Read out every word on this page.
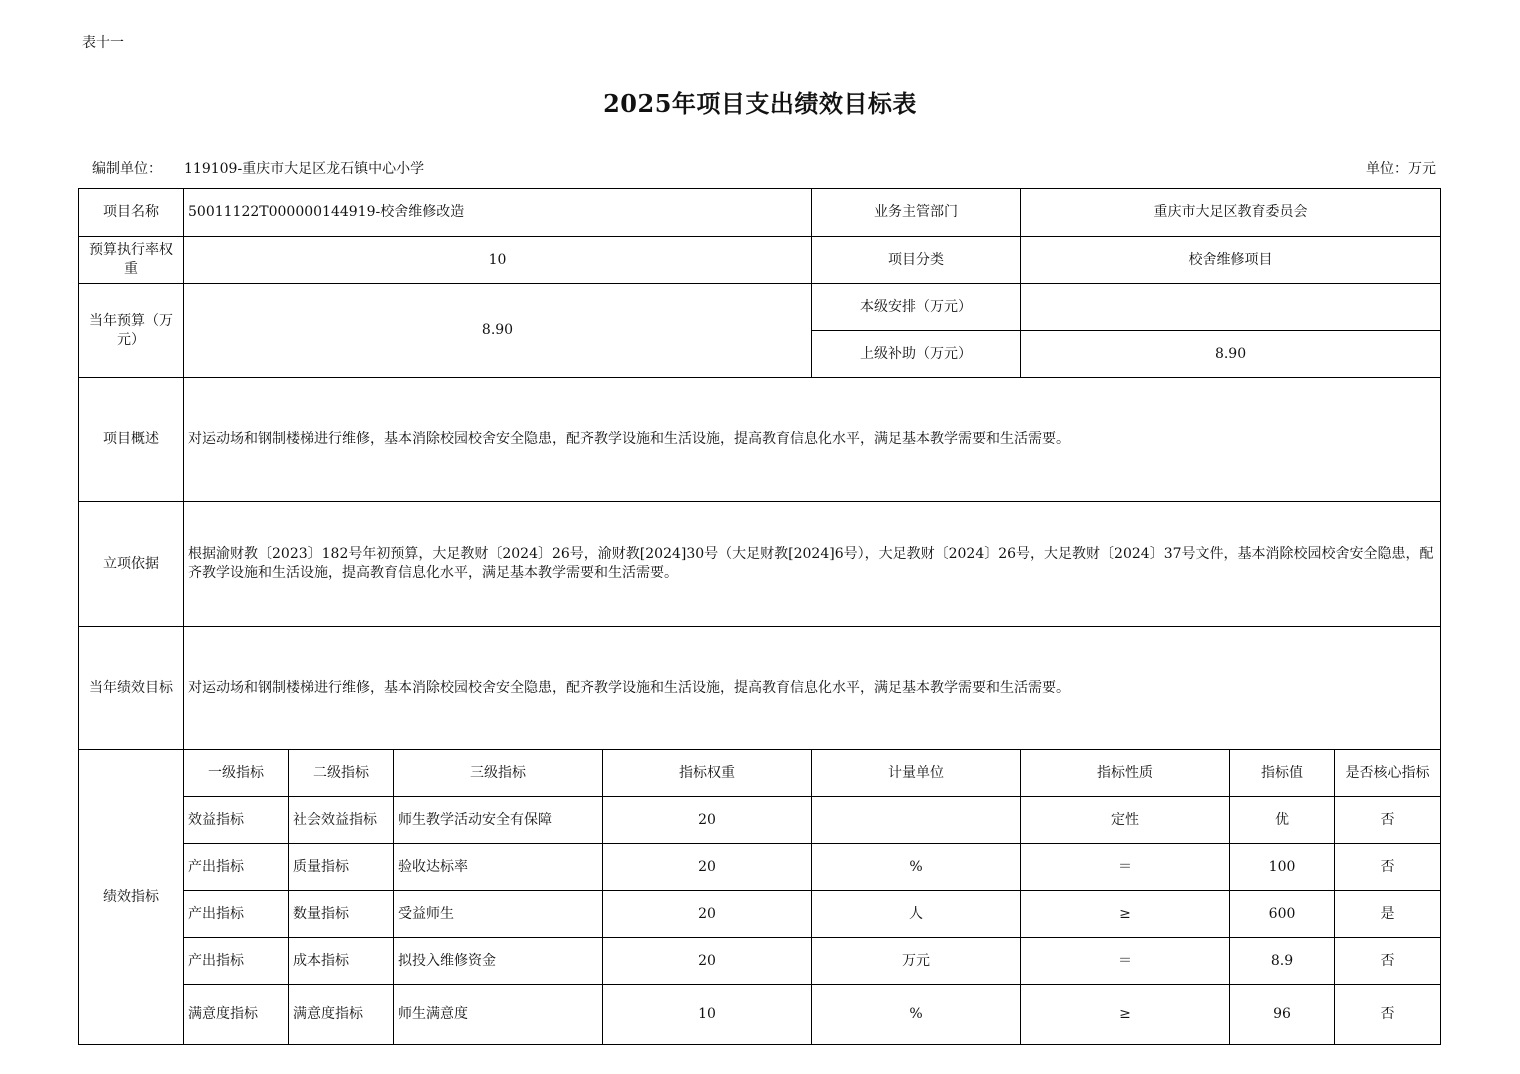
表十一
2025年项目支出绩效目标表
编制单位： 119109-重庆市大足区龙石镇中心小学	单位：万元
项目名称	50011122T000000144919-校舍维修改造				业务主管部门	重庆市大足区教育委员会		
预算执行率权重	10				项目分类	校舍维修项目		
当年预算（万元）	8.90				本级安排（万元）			
					上级补助（万元）	8.90		
项目概述	对运动场和钢制楼梯进行维修，基本消除校园校舍安全隐患，配齐教学设施和生活设施，提高教育信息化水平，满足基本教学需要和生活需要。							
立项依据	根据渝财教〔2023〕182号年初预算，大足教财〔2024〕26号，渝财教[2024]30号（大足财教[2024]6号），大足教财〔2024〕26号，大足教财〔2024〕37号文件，基本消除校园校舍安全隐患，配齐教学设施和生活设施，提高教育信息化水平，满足基本教学需要和生活需要。							
当年绩效目标	对运动场和钢制楼梯进行维修，基本消除校园校舍安全隐患，配齐教学设施和生活设施，提高教育信息化水平，满足基本教学需要和生活需要。							
绩效指标	一级指标	二级指标	三级指标	指标权重	计量单位	指标性质	指标值	是否核心指标
	效益指标	社会效益指标	师生教学活动安全有保障	20		定性	优	否
	产出指标	质量指标	验收达标率	20	%	＝	100	否
	产出指标	数量指标	受益师生	20	人	≥	600	是
	产出指标	成本指标	拟投入维修资金	20	万元	＝	8.9	否
	满意度指标	满意度指标	师生满意度	10	%	≥	96	否
